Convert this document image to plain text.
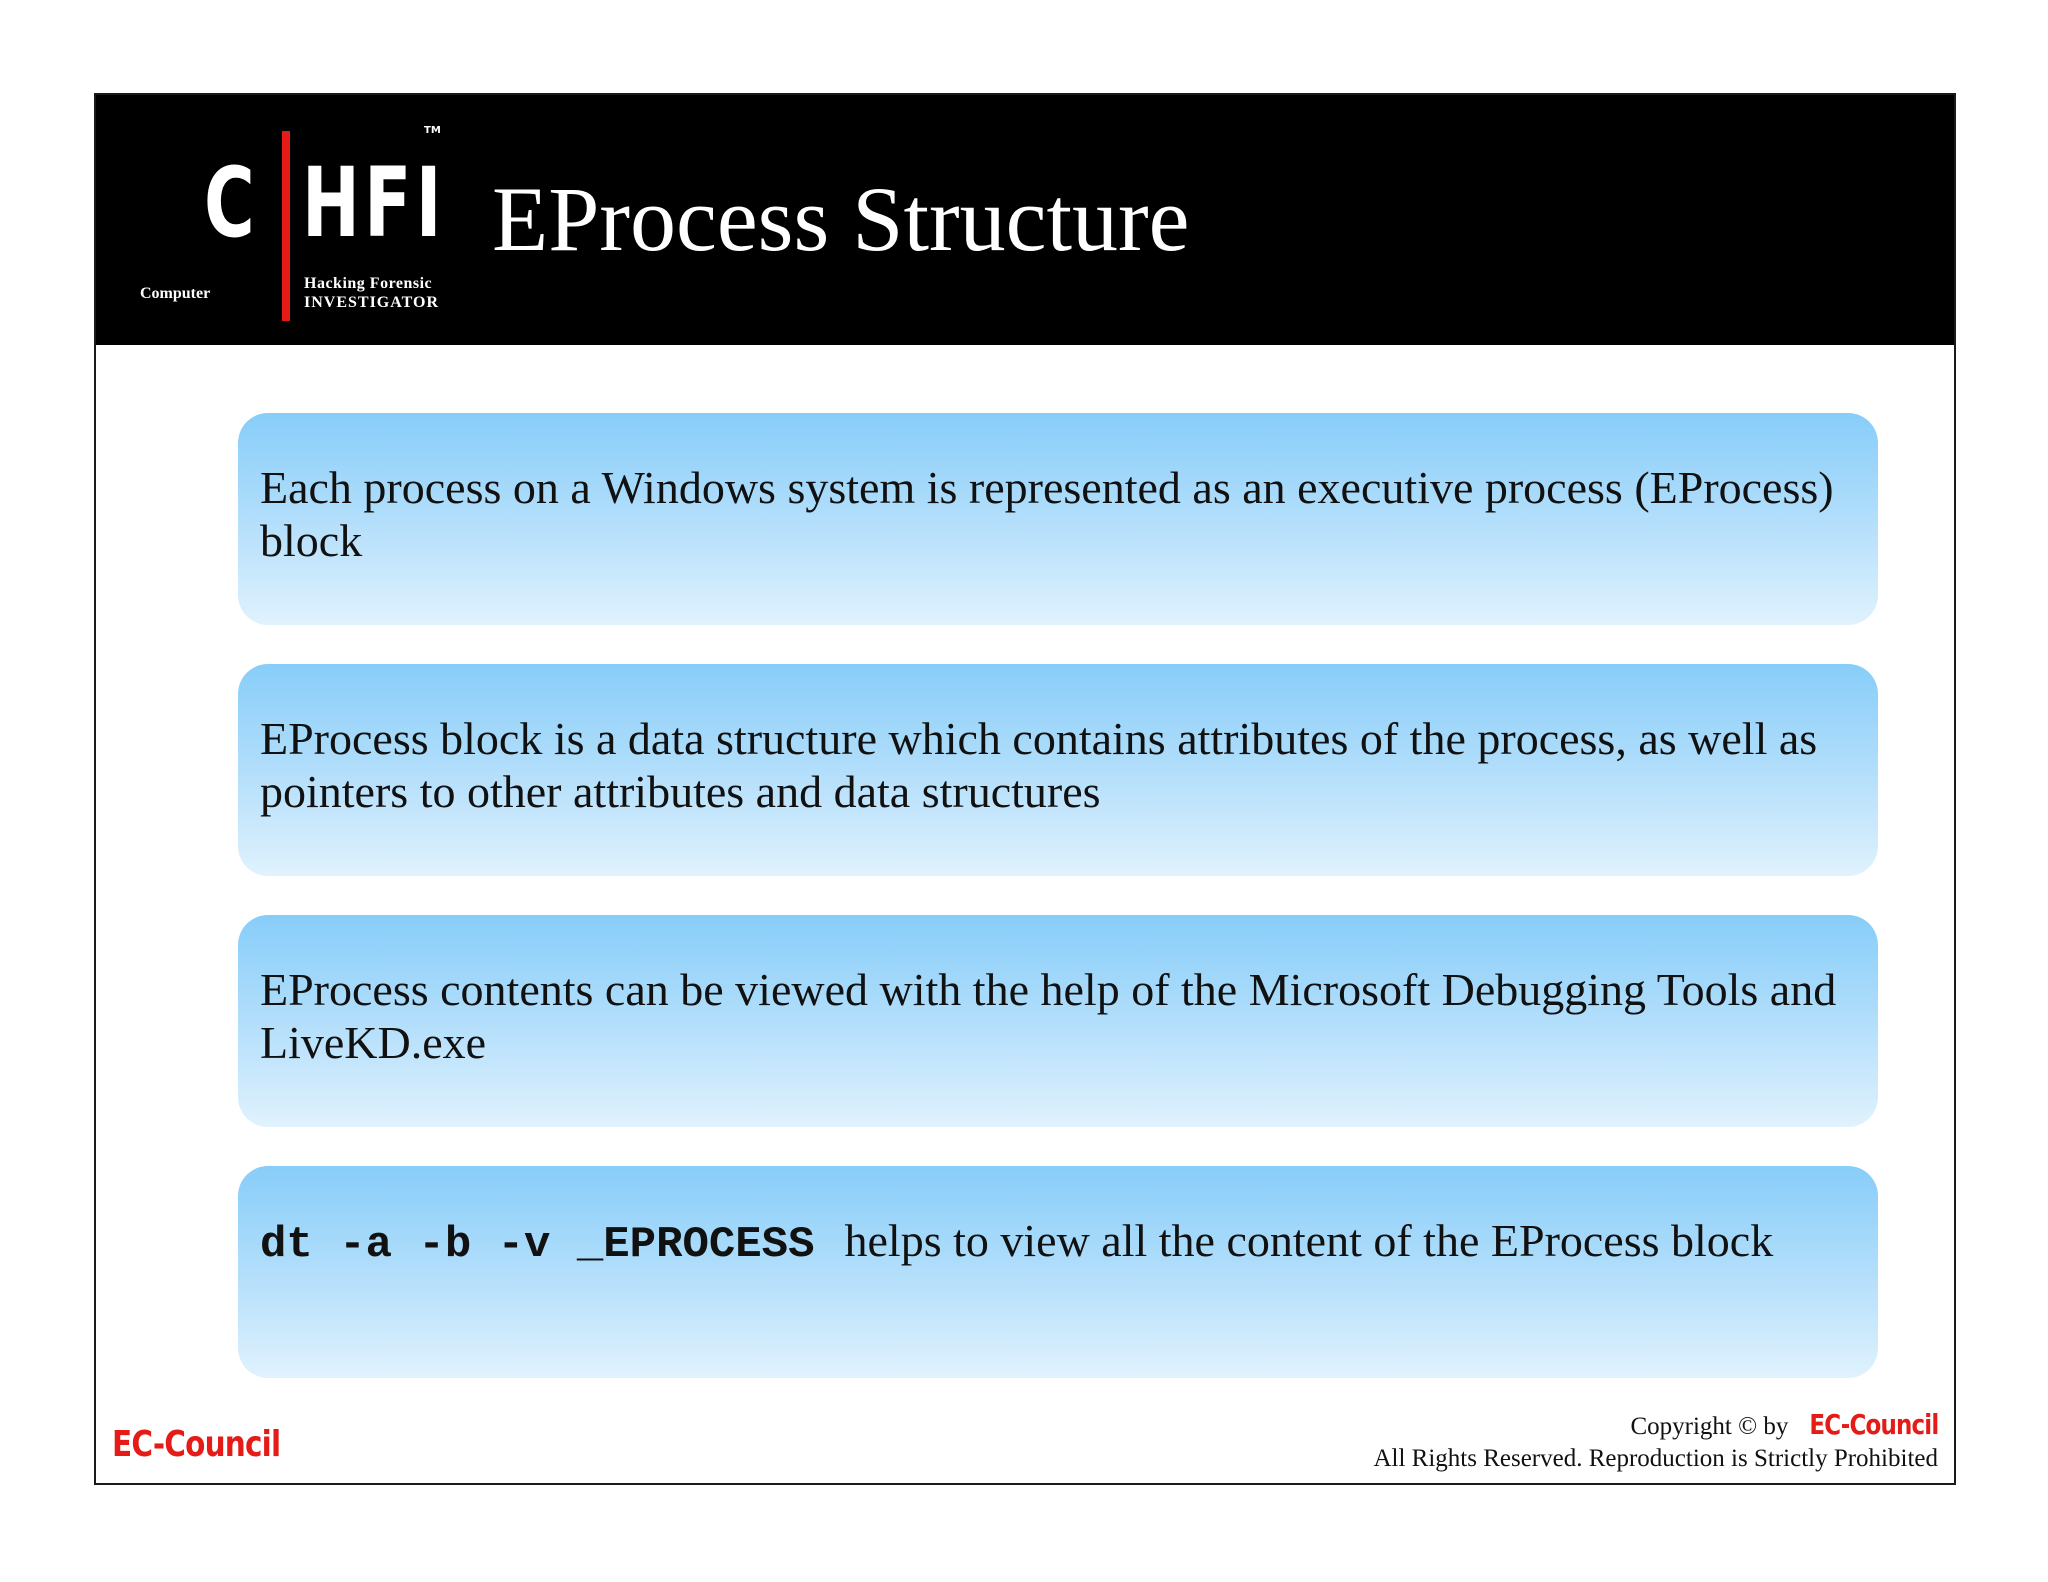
C HFI
TM
Computer
Hacking Forensic
INVESTIGATOR
EProcess Structure
Each process on a Windows system is represented as an executive process (EProcess) block
EProcess block is a data structure which contains attributes of the process, as well as pointers to other attributes and data structures
EProcess contents can be viewed with the help of the Microsoft Debugging Tools and LiveKD.exe
dt -a -b -v _EPROCESS helps to view all the content of the EProcess block
EC-Council	Copyright © by EC-Council
All Rights Reserved. Reproduction is Strictly Prohibited
